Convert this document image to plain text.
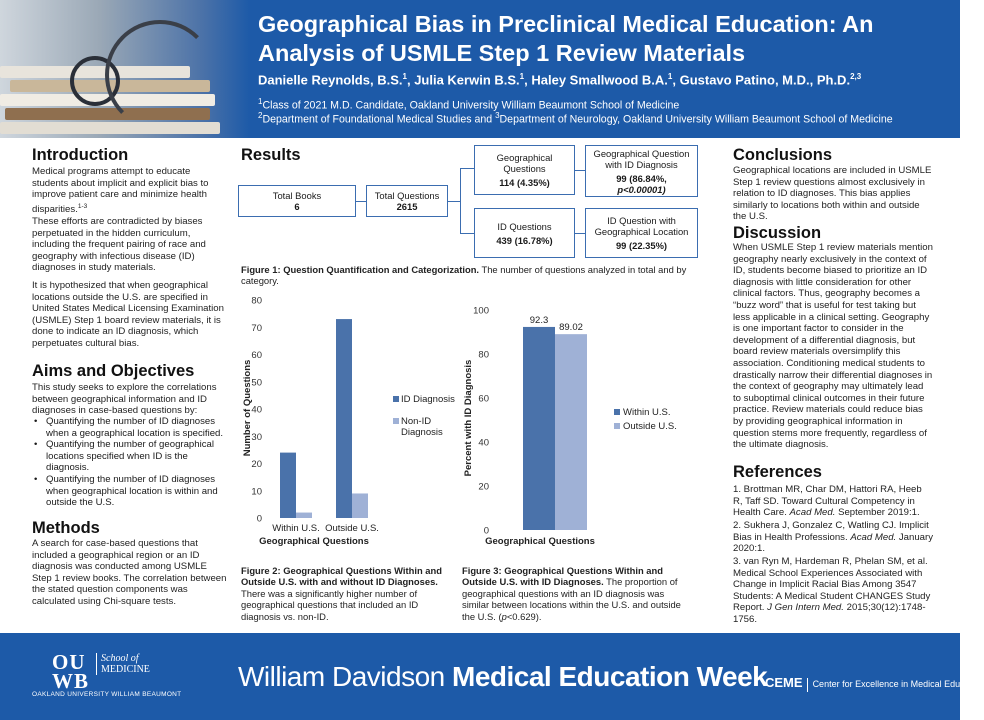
Geographical Bias in Preclinical Medical Education: An Analysis of USMLE Step 1 Review Materials
Danielle Reynolds, B.S.$^1$, Julia Kerwin B.S.$^1$, Haley Smallwood B.A.$^1$, Gustavo Patino, M.D., Ph.D.$^{2,3}$
$^1$Class of 2021 M.D. Candidate, Oakland University William Beaumont School of Medicine
$^2$Department of Foundational Medical Studies and $^3$Department of Neurology, Oakland University William Beaumont School of Medicine
Introduction
Medical programs attempt to educate students about implicit and explicit bias to improve patient care and minimize health disparities.$^{1-3}$
These efforts are contradicted by biases perpetuated in the hidden curriculum, including the frequent pairing of race and geography with infectious disease (ID) diagnoses in study materials.
It is hypothesized that when geographical locations outside the U.S. are specified in United States Medical Licensing Examination (USMLE) Step 1 board review materials, it is done to indicate an ID diagnosis, which perpetuates cultural bias.
Aims and Objectives
This study seeks to explore the correlations between geographical information and ID diagnoses in case-based questions by:
• Quantifying the number of ID diagnoses when a geographical location is specified.
• Quantifying the number of geographical locations specified when ID is the diagnosis.
• Quantifying the number of ID diagnoses when geographical location is within and outside the U.S.
Methods
A search for case-based questions that included a geographical region or an ID diagnosis was conducted among USMLE Step 1 review books. The correlation between the stated question components was calculated using Chi-square tests.
Results
Total Books
6
Total Questions
2615
Geographical Questions
114 (4.35%)
ID Questions
439 (16.78%)
Geographical Question with ID Diagnosis
99 (86.84%,
p<0.00001)
ID Question with Geographical Location
99 (22.35%)
Figure 1: Question Quantification and Categorization. The number of questions analyzed in total and by category.
0
10
20
30
40
50
60
70
80
Within U.S. Outside U.S.
Number of Questions
Geographical Questions
ID Diagnosis
Non-ID
Diagnosis
0
20
40
60
80
100
92.3
89.02
Percent with ID Diagnosis
Geographical Questions
Within U.S.
Outside U.S.
Figure 2: Geographical Questions Within and Outside U.S. with and without ID Diagnoses. There was a significantly higher number of geographical questions that included an ID diagnosis vs. non-ID.
Figure 3: Geographical Questions Within and Outside U.S. with ID Diagnoses. The proportion of geographical questions with an ID diagnosis was similar between locations within the U.S. and outside the U.S. (p<0.629).
Conclusions
Geographical locations are included in USMLE Step 1 review questions almost exclusively in relation to ID diagnoses. This bias applies similarly to locations both within and outside the U.S.
Discussion
When USMLE Step 1 review materials mention geography nearly exclusively in the context of ID, students become biased to prioritize an ID diagnosis with little consideration for other clinical factors. Thus, geography becomes a “buzz word” that is useful for test taking but less applicable in a clinical setting. Geography is one important factor to consider in the development of a differential diagnosis, but board review materials oversimplify this association. Conditioning medical students to drastically narrow their differential diagnoses in the context of geography may ultimately lead to suboptimal clinical outcomes in their future practice. Review materials could reduce bias by providing geographical information in question stems more frequently, regardless of the ultimate diagnosis.
References
1. Brottman MR, Char DM, Hattori RA, Heeb R, Taff SD. Toward Cultural Competency in Health Care. Acad Med. September 2019:1.
2. Sukhera J, Gonzalez C, Watling CJ. Implicit Bias in Health Professions. Acad Med. January 2020:1.
3. van Ryn M, Hardeman R, Phelan SM, et al. Medical School Experiences Associated with Change in Implicit Racial Bias Among 3547 Students: A Medical Student CHANGES Study Report. J Gen Intern Med. 2015;30(12):1748-1756.
OU
WB

School of
MEDICINE
OAKLAND UNIVERSITY WILLIAM BEAUMONT
William Davidson Medical Education Week
CEME Center for Excellence in Medical Education
